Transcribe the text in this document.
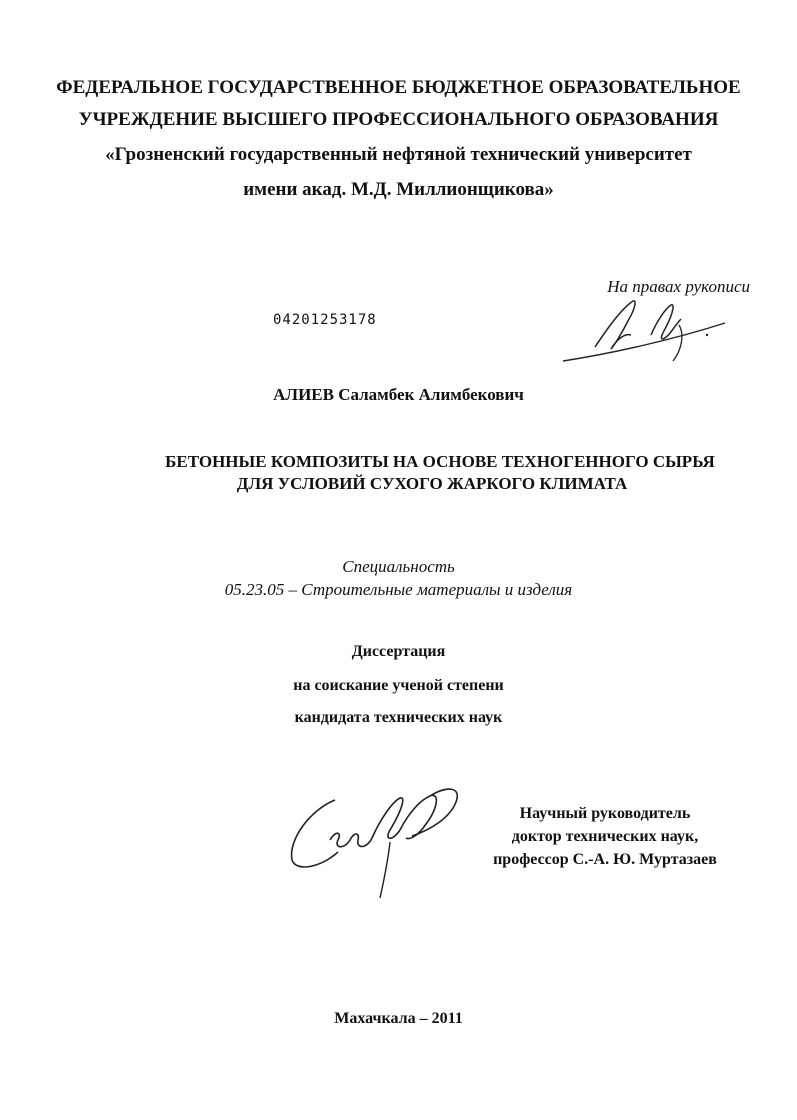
ФЕДЕРАЛЬНОЕ ГОСУДАРСТВЕННОЕ БЮДЖЕТНОЕ ОБРАЗОВАТЕЛЬНОЕ
УЧРЕЖДЕНИЕ ВЫСШЕГО ПРОФЕССИОНАЛЬНОГО ОБРАЗОВАНИЯ
«Грозненский государственный нефтяной технический университет
имени акад. М.Д. Миллионщикова»
На правах рукописи
04201253178
АЛИЕВ Саламбек Алимбекович
БЕТОННЫЕ КОМПОЗИТЫ НА ОСНОВЕ ТЕХНОГЕННОГО СЫРЬЯ
ДЛЯ УСЛОВИЙ СУХОГО ЖАРКОГО КЛИМАТА
Специальность
05.23.05 – Строительные материалы и изделия
Диссертация
на соискание ученой степени
кандидата технических наук
Научный руководитель
доктор технических наук,
профессор С.-А. Ю. Муртазаев
Махачкала – 2011
